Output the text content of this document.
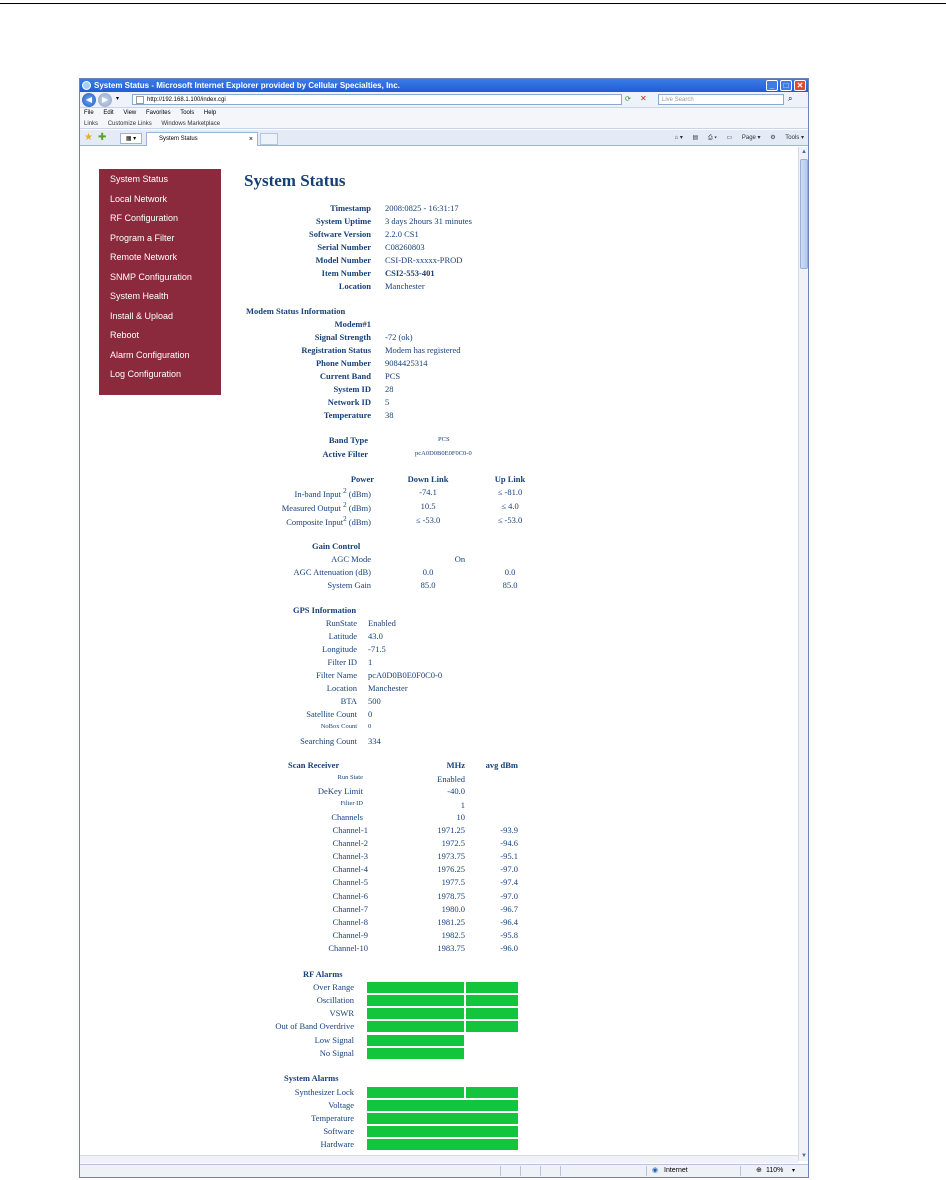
System Status - Microsoft Internet Explorer provided by Cellular Specialties, Inc.	_	□	✕
◀	▶	▾	http://192.168.1.100/index.cgi	⟳ ✕	Live Search	⌕
File Edit View Favorites Tools Help
Links Customize Links Windows Marketplace
★ ✚	▦ ▾	System Status	×	⌂ ▾ ▤ ⎙ ▾ ▭ Page ▾ ⚙ Tools ▾
System Status
Local Network
RF Configuration
Program a Filter
Remote Network
SNMP Configuration
System Health
Install & Upload
Reboot
Alarm Configuration
Log Configuration
System Status
Timestamp 2008:0825 - 16:31:17
System Uptime 3 days 2hours 31 minutes
Software Version 2.2.0 CS1
Serial Number C08260803
Model Number CSI-DR-xxxxx-PROD
Item Number CSI2-553-401
Location Manchester
Modem Status Information
Modem#1
Signal Strength -72 (ok)
Registration Status Modem has registered
Phone Number 9084425314
Current Band PCS
System ID 28
Network ID 5
Temperature 38
Band Type	PCS
Active Filter	pcA0D0B0E0F0C0-0
Power	Down Link	Up Link
In-band Input $^2$ (dBm)	-74.1	≤ -81.0
Measured Output $^2$ (dBm)	10.5	≤ 4.0
Composite Input$^2$ (dBm)	≤ -53.0	≤ -53.0
Gain Control
AGC Mode	On
AGC Attenuation (dB)	0.0	0.0
System Gain	85.0	85.0
GPS Information
RunState Enabled
Latitude 43.0
Longitude -71.5
Filter ID 1
Filter Name pcA0D0B0E0F0C0-0
Location Manchester
BTA 500
Satellite Count 0
NoBox Count 0
Searching Count 334
Scan Receiver	MHz	avg dBm
Run State	Enabled
DeKey Limit	-40.0
Filter ID	1
Channels	10
Channel-1	1971.25	-93.9
Channel-2	1972.5	-94.6
Channel-3	1973.75	-95.1
Channel-4	1976.25	-97.0
Channel-5	1977.5	-97.4
Channel-6	1978.75	-97.0
Channel-7	1980.0	-96.7
Channel-8	1981.25	-96.4
Channel-9	1982.5	-95.8
Channel-10	1983.75	-96.0
RF Alarms
Over Range
Oscillation
VSWR
Out of Band Overdrive
Low Signal
No Signal
System Alarms
Synthesizer Lock
Voltage
Temperature
Software
Hardware
▲
▼
◉ Internet	⊕ 110% ▾
